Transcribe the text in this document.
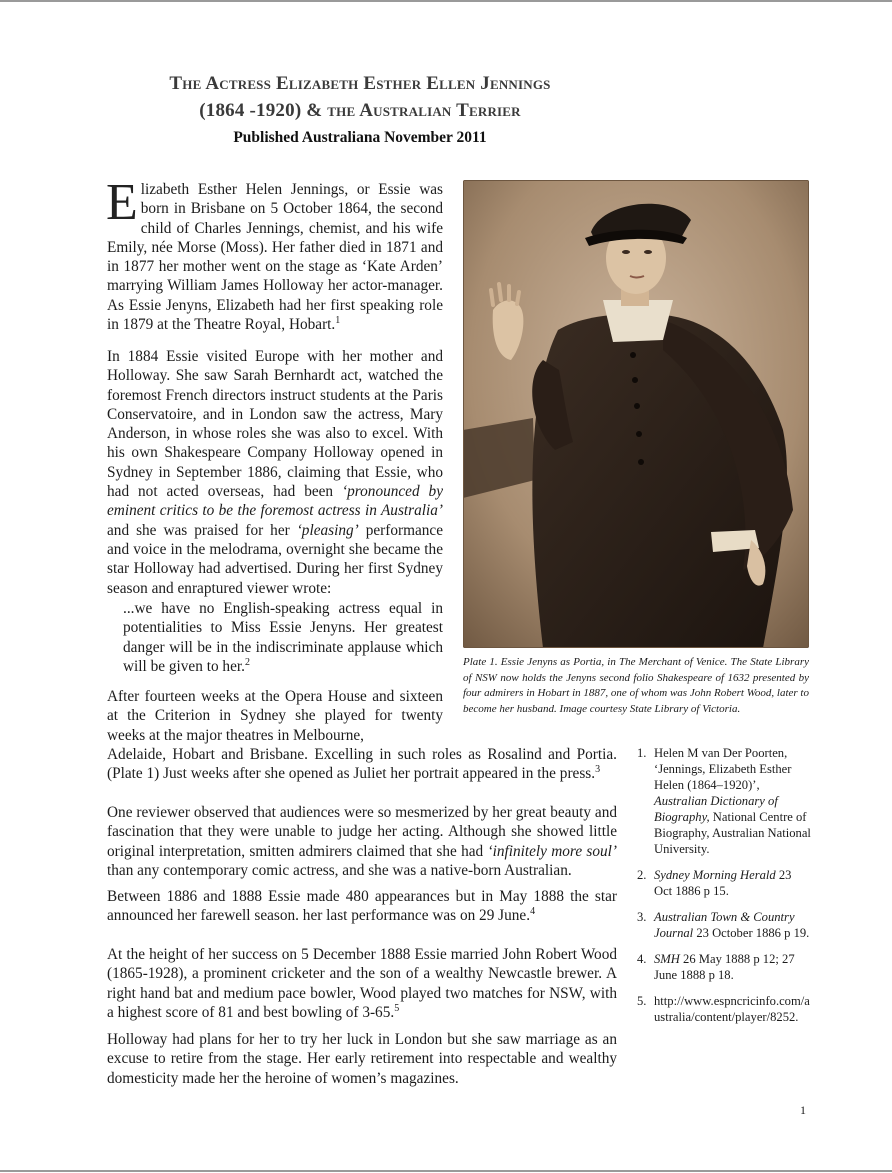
The Actress Elizabeth Esther Ellen Jennings
(1864 -1920) & the Australian Terrier
Published Australiana November 2011

Elizabeth Esther Helen Jennings, or Essie was born in Brisbane on 5 October 1864, the second child of Charles Jennings, chemist, and his wife Emily, née Morse (Moss). Her father died in 1871 and in 1877 her mother went on the stage as ‘Kate Arden’ marrying William James Holloway her actor-manager. As Essie Jenyns, Elizabeth had her first speaking role in 1879 at the Theatre Royal, Hobart.$^1$

In 1884 Essie visited Europe with her mother and Holloway. She saw Sarah Bernhardt act, watched the foremost French directors instruct students at the Paris Conservatoire, and in London saw the actress, Mary Anderson, in whose roles she was also to excel. With his own Shakespeare Company Holloway opened in Sydney in September 1886, claiming that Essie, who had not acted overseas, had been ‘pronounced by eminent critics to be the foremost actress in Australia’ and she was praised for her ‘pleasing’ performance and voice in the melodrama, overnight she became the star Holloway had advertised. During her first Sydney season and enraptured viewer wrote:

...we have no English-speaking actress equal in potentialities to Miss Essie Jenyns. Her greatest danger will be in the indiscriminate applause which will be given to her.$^2$

After fourteen weeks at the Opera House and sixteen at the Criterion in Sydney she played for twenty weeks at the major theatres in Melbourne,

Adelaide, Hobart and Brisbane. Excelling in such roles as Rosalind and Portia. (Plate 1) Just weeks after she opened as Juliet her portrait appeared in the press.$^3$

One reviewer observed that audiences were so mesmerized by her great beauty and fascination that they were unable to judge her acting. Although she showed little original interpretation, smitten admirers claimed that she had ‘infinitely more soul’ than any contemporary comic actress, and she was a native-born Australian.

Between 1886 and 1888 Essie made 480 appearances but in May 1888 the star announced her farewell season. her last performance was on 29 June.$^4$

At the height of her success on 5 December 1888 Essie married John Robert Wood (1865-1928), a prominent cricketer and the son of a wealthy Newcastle brewer. A right hand bat and medium pace bowler, Wood played two matches for NSW, with a highest score of 81 and best bowling of 3-65.$^5$

Holloway had plans for her to try her luck in London but she saw marriage as an excuse to retire from the stage. Her early retirement into respectable and wealthy domesticity made her the heroine of women’s magazines.

Plate 1. Essie Jenyns as Portia, in The Merchant of Venice. The State Library of NSW now holds the Jenyns second folio Shakespeare of 1632 presented by four admirers in Hobart in 1887, one of whom was John Robert Wood, later to become her husband. Image courtesy State Library of Victoria.
1. Helen M van Der Poorten, ‘Jennings, Elizabeth Esther Helen (1864–1920)’, Australian Dictionary of Biography, National Centre of Biography, Australian National University.
2. Sydney Morning Herald 23 Oct 1886 p 15.
3. Australian Town & Country Journal 23 October 1886 p 19.
4. SMH 26 May 1888 p 12; 27 June 1888 p 18.
5. http://www.espncricinfo.com/australia/content/player/8252.
1
